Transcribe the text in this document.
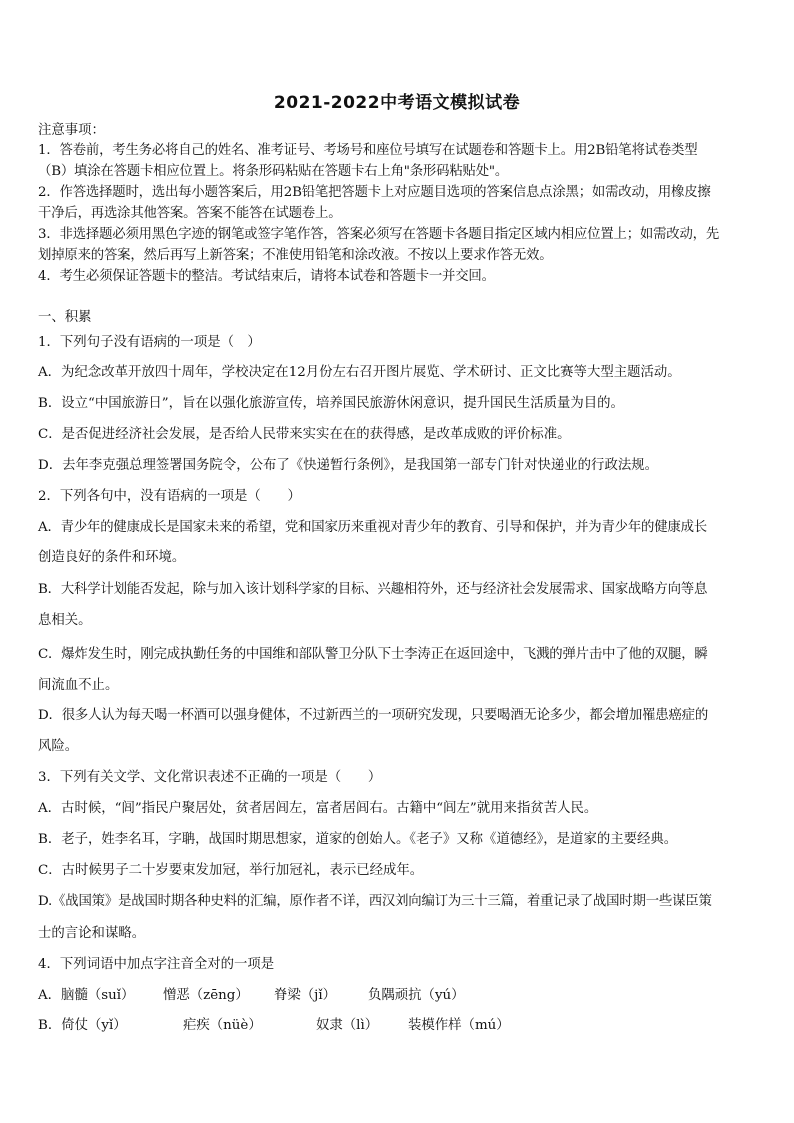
2021-2022中考语文模拟试卷
注意事项：
1．答卷前，考生务必将自己的姓名、准考证号、考场号和座位号填写在试题卷和答题卡上。用2B铅笔将试卷类型
（B）填涂在答题卡相应位置上。将条形码粘贴在答题卡右上角"条形码粘贴处"。
2．作答选择题时，选出每小题答案后，用2B铅笔把答题卡上对应题目选项的答案信息点涂黑；如需改动，用橡皮擦
干净后，再选涂其他答案。答案不能答在试题卷上。
3．非选择题必须用黑色字迹的钢笔或签字笔作答，答案必须写在答题卡各题目指定区域内相应位置上；如需改动，先
划掉原来的答案，然后再写上新答案；不准使用铅笔和涂改液。不按以上要求作答无效。
4．考生必须保证答题卡的整洁。考试结束后，请将本试卷和答题卡一并交回。
一、积累
1．下列句子没有语病的一项是（　）
A．为纪念改革开放四十周年，学校决定在12月份左右召开图片展览、学术研讨、正文比赛等大型主题活动。
B．设立“中国旅游日”，旨在以强化旅游宣传，培养国民旅游休闲意识，提升国民生活质量为目的。
C．是否促进经济社会发展，是否给人民带来实实在在的获得感，是改革成败的评价标准。
D．去年李克强总理签署国务院令，公布了《快递暂行条例》，是我国第一部专门针对快递业的行政法规。
2．下列各句中，没有语病的一项是（　　）
A．青少年的健康成长是国家未来的希望，党和国家历来重视对青少年的教育、引导和保护，并为青少年的健康成长
创造良好的条件和环境。
B．大科学计划能否发起，除与加入该计划科学家的目标、兴趣相符外，还与经济社会发展需求、国家战略方向等息
息相关。
C．爆炸发生时，刚完成执勤任务的中国维和部队警卫分队下士李涛正在返回途中，飞溅的弹片击中了他的双腿，瞬
间流血不止。
D．很多人认为每天喝一杯酒可以强身健体，不过新西兰的一项研究发现，只要喝酒无论多少，都会增加罹患癌症的
风险。
3．下列有关文学、文化常识表述不正确的一项是（　　）
A．古时候，“闾”指民户聚居处，贫者居闾左，富者居闾右。古籍中“闾左”就用来指贫苦人民。
B．老子，姓李名耳，字聃，战国时期思想家，道家的创始人。《老子》又称《道德经》，是道家的主要经典。
C．古时候男子二十岁要束发加冠，举行加冠礼，表示已经成年。
D.《战国策》是战国时期各种史料的汇编，原作者不详，西汉刘向编订为三十三篇，着重记录了战国时期一些谋臣策
士的言论和谋略。
4．下列词语中加点字注音全对的一项是
A．脑髓（suǐ） 憎恶（zēng） 脊梁（jǐ） 负隅顽抗（yú）
B．倚仗（yǐ）	疟疾（nüè）	奴隶（lì） 装模作样（mú）
